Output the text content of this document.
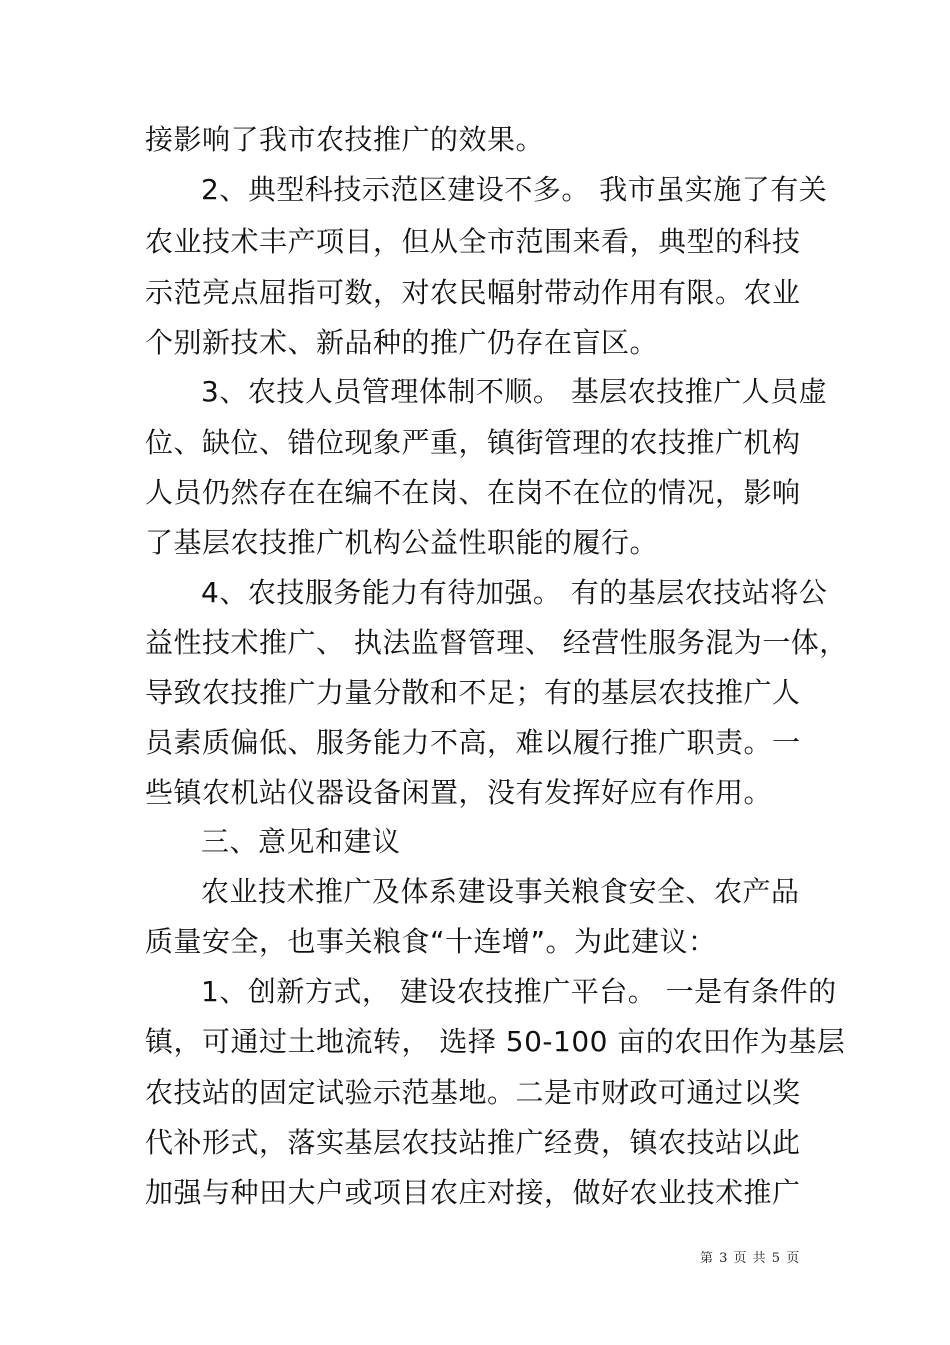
接影响了我市农技推广的效果。
2、典型科技示范区建设不多。 我市虽实施了有关
农业技术丰产项目，但从全市范围来看，典型的科技
示范亮点屈指可数，对农民幅射带动作用有限。农业
个别新技术、新品种的推广仍存在盲区。
3、农技人员管理体制不顺。 基层农技推广人员虚
位、缺位、错位现象严重，镇街管理的农技推广机构
人员仍然存在在编不在岗、在岗不在位的情况，影响
了基层农技推广机构公益性职能的履行。
4、农技服务能力有待加强。 有的基层农技站将公
益性技术推广、 执法监督管理、 经营性服务混为一体，
导致农技推广力量分散和不足；有的基层农技推广人
员素质偏低、服务能力不高，难以履行推广职责。一
些镇农机站仪器设备闲置，没有发挥好应有作用。
三、意见和建议
农业技术推广及体系建设事关粮食安全、农产品
质量安全，也事关粮食“十连增”。为此建议：
1、创新方式， 建设农技推广平台。 一是有条件的
镇，可通过土地流转， 选择 50-100 亩的农田作为基层
农技站的固定试验示范基地。二是市财政可通过以奖
代补形式，落实基层农技站推广经费，镇农技站以此
加强与种田大户或项目农庄对接，做好农业技术推广
第 3 页 共 5 页
